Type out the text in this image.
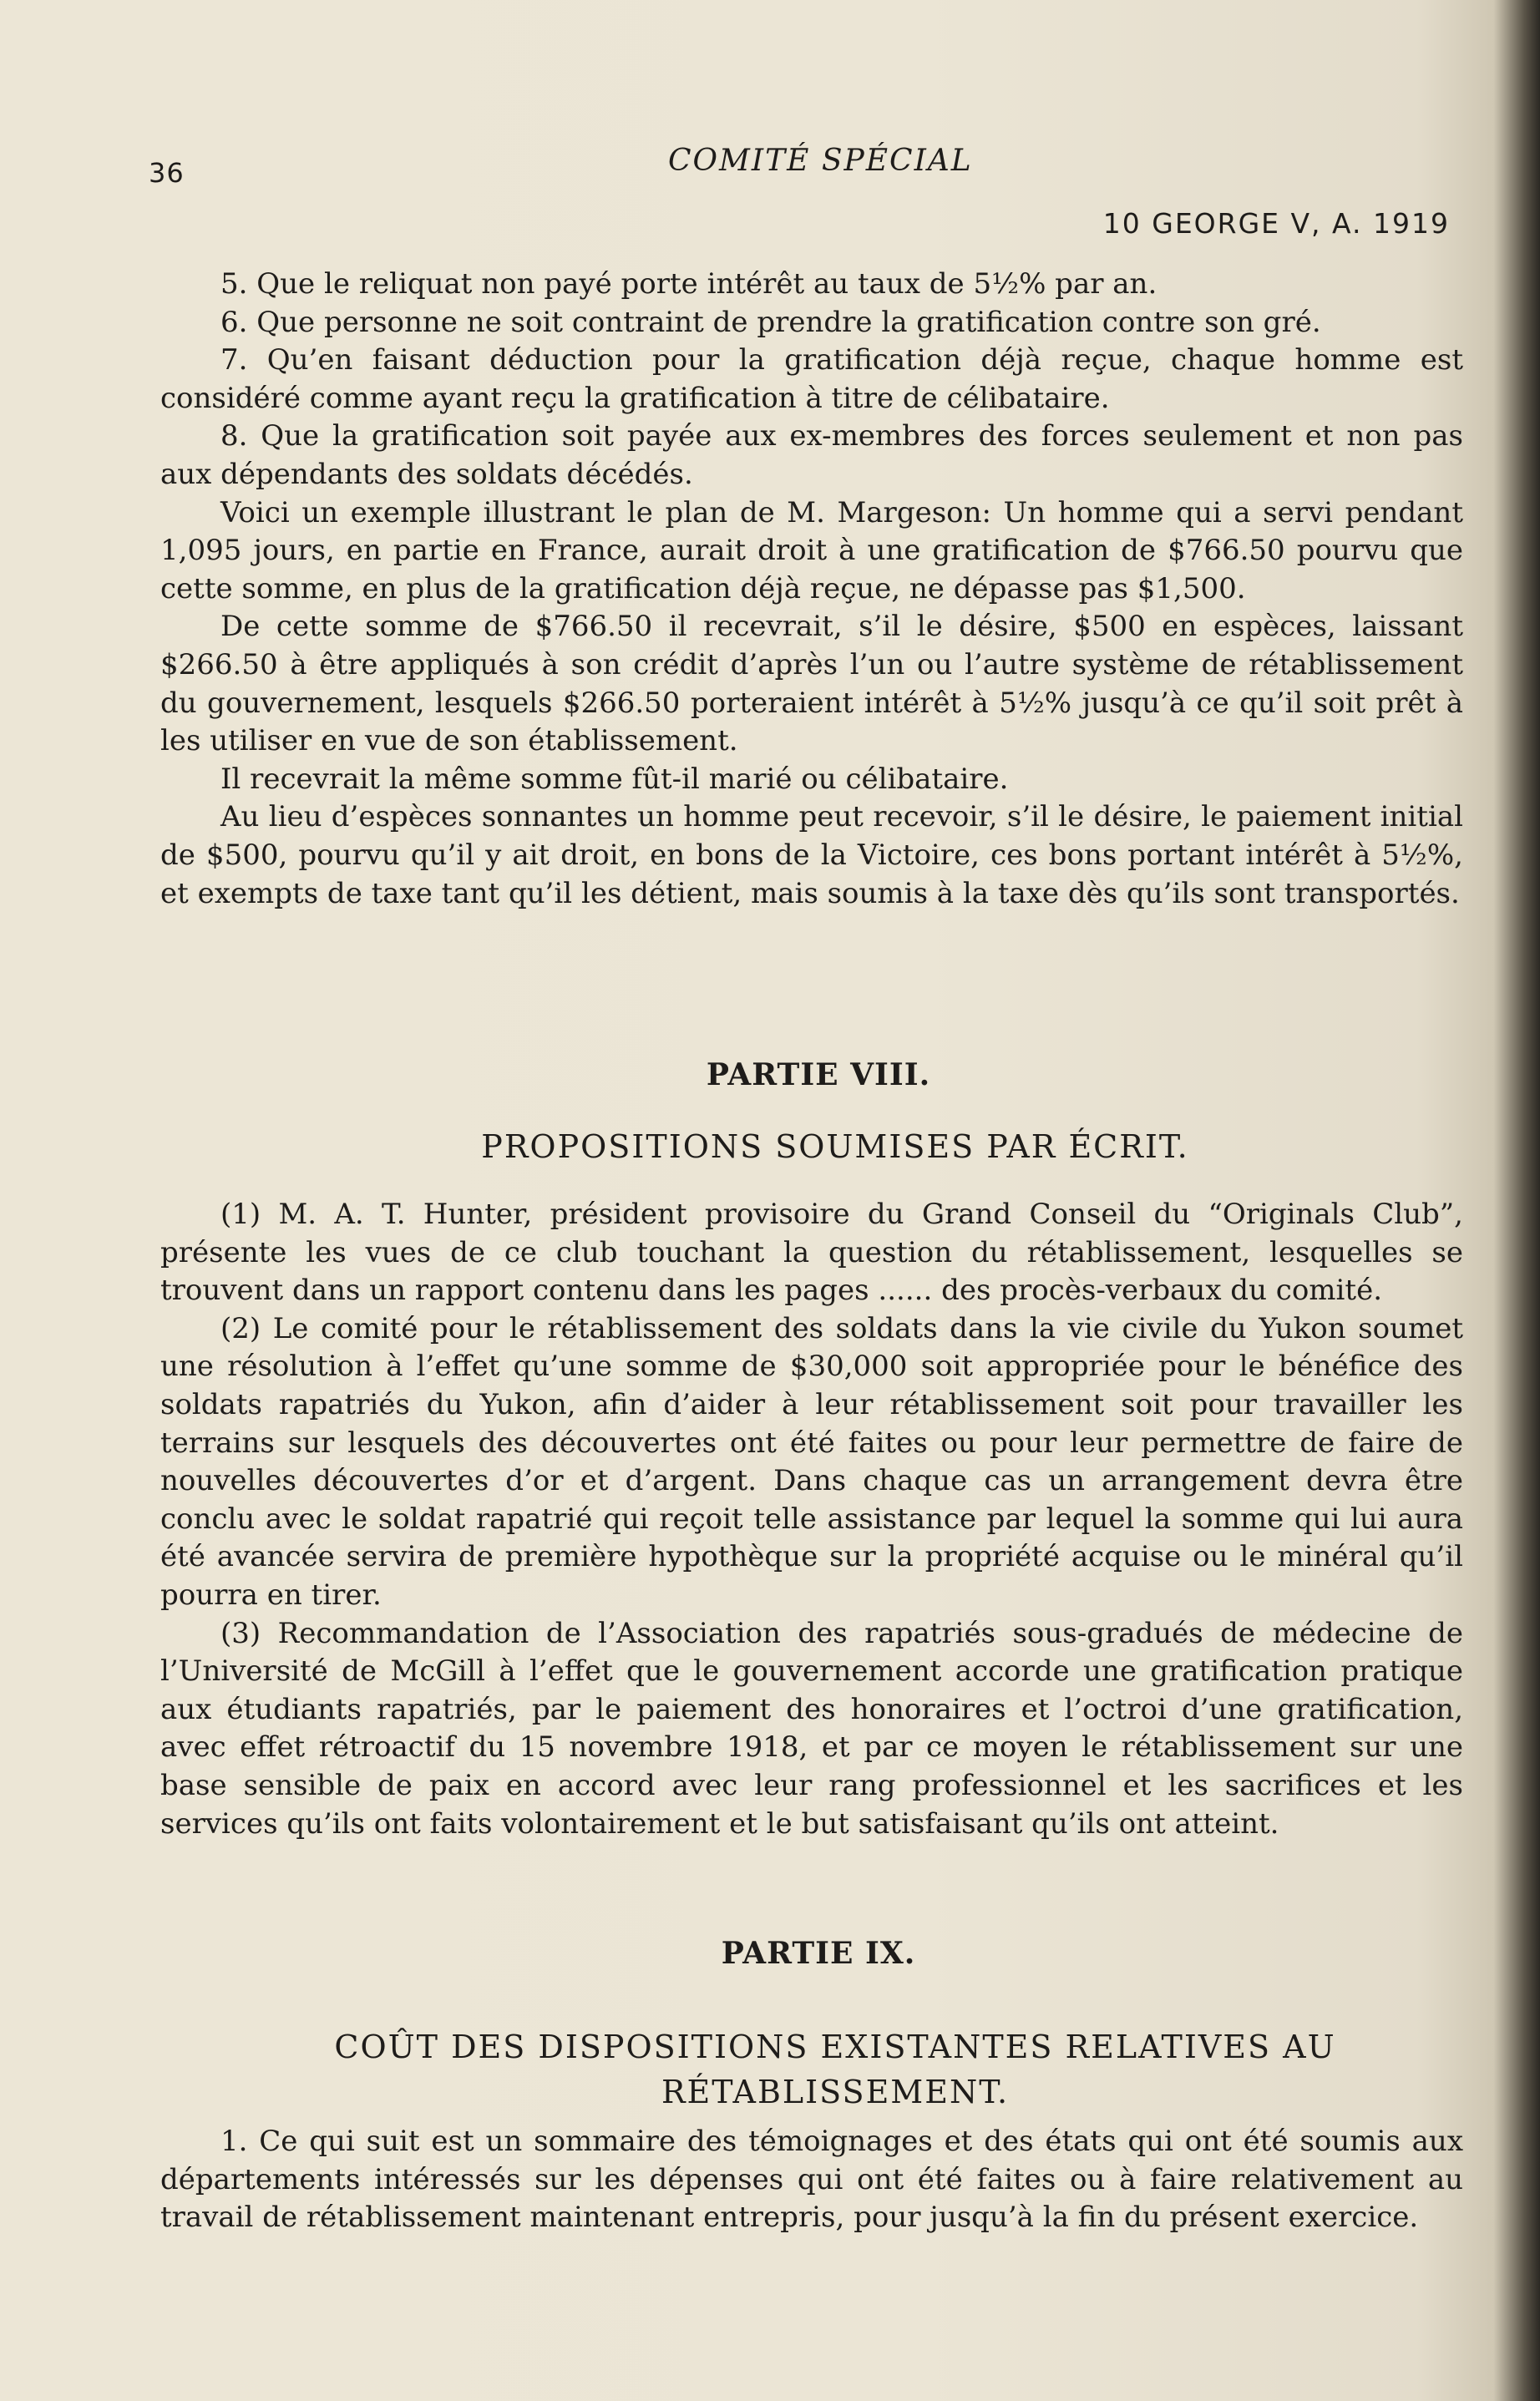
36	COMITÉ SPÉCIAL
10 GEORGE V, A. 1919

5. Que le reliquat non payé porte intérêt au taux de 5½% par an.

6. Que personne ne soit contraint de prendre la gratification contre son gré.

7. Qu’en faisant déduction pour la gratification déjà reçue, chaque homme est considéré comme ayant reçu la gratification à titre de célibataire.

8. Que la gratification soit payée aux ex-membres des forces seulement et non pas aux dépendants des soldats décédés.

Voici un exemple illustrant le plan de M. Margeson: Un homme qui a servi pendant 1,095 jours, en partie en France, aurait droit à une gratification de $766.50 pourvu que cette somme, en plus de la gratification déjà reçue, ne dépasse pas $1,500.

De cette somme de $766.50 il recevrait, s’il le désire, $500 en espèces, laissant $266.50 à être appliqués à son crédit d’après l’un ou l’autre système de rétablissement du gouvernement, lesquels $266.50 porteraient intérêt à 5½% jusqu’à ce qu’il soit prêt à les utiliser en vue de son établissement.

Il recevrait la même somme fût-il marié ou célibataire.

Au lieu d’espèces sonnantes un homme peut recevoir, s’il le désire, le paiement initial de $500, pourvu qu’il y ait droit, en bons de la Victoire, ces bons portant intérêt à 5½%, et exempts de taxe tant qu’il les détient, mais soumis à la taxe dès qu’ils sont transportés.

PARTIE VIII.
PROPOSITIONS SOUMISES PAR ÉCRIT.

(1) M. A. T. Hunter, président provisoire du Grand Conseil du “Originals Club”, présente les vues de ce club touchant la question du rétablissement, lesquelles se trouvent dans un rapport contenu dans les pages ...... des procès-verbaux du comité.

(2) Le comité pour le rétablissement des soldats dans la vie civile du Yukon soumet une résolution à l’effet qu’une somme de $30,000 soit appropriée pour le bénéfice des soldats rapatriés du Yukon, afin d’aider à leur rétablissement soit pour travailler les terrains sur lesquels des découvertes ont été faites ou pour leur permettre de faire de nouvelles découvertes d’or et d’argent. Dans chaque cas un arrangement devra être conclu avec le soldat rapatrié qui reçoit telle assistance par lequel la somme qui lui aura été avancée servira de première hypothèque sur la propriété acquise ou le minéral qu’il pourra en tirer.

(3) Recommandation de l’Association des rapatriés sous-gradués de médecine de l’Université de McGill à l’effet que le gouvernement accorde une gratification pratique aux étudiants rapatriés, par le paiement des honoraires et l’octroi d’une gratification, avec effet rétroactif du 15 novembre 1918, et par ce moyen le rétablissement sur une base sensible de paix en accord avec leur rang professionnel et les sacrifices et les services qu’ils ont faits volontairement et le but satisfaisant qu’ils ont atteint.

PARTIE IX.
COÛT DES DISPOSITIONS EXISTANTES RELATIVES AU RÉTABLISSEMENT.

1. Ce qui suit est un sommaire des témoignages et des états qui ont été soumis aux départements intéressés sur les dépenses qui ont été faites ou à faire relativement au travail de rétablissement maintenant entrepris, pour jusqu’à la fin du présent exercice.
